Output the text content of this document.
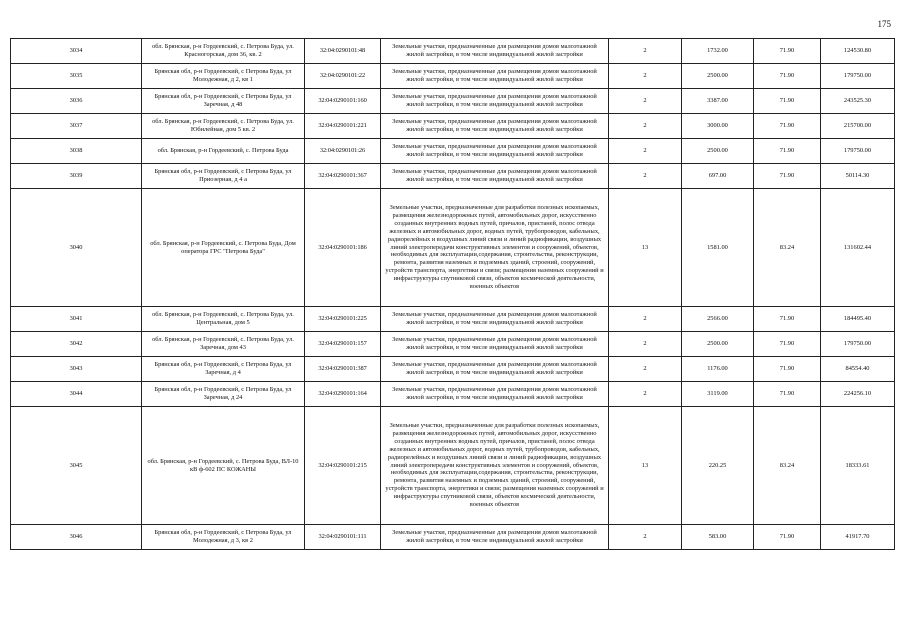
175
3034	обл. Брянская, р-н Гордеевский, с. Петрова Буда, ул. Красногорская, дом 36, кв. 2	32:04:0290101:48	Земельные участки, предназначенные для размещения домов малоэтажной жилой застройки, в том числе индивидуальной жилой застройки	2	1732.00	71.90	124530.80
3035	Брянская обл, р-н Гордеевский, с Петрова Буда, ул Молодежная, д 2, кв 1	32:04:0290101:22	Земельные участки, предназначенные для размещения домов малоэтажной жилой застройки, в том числе индивидуальной жилой застройки	2	2500.00	71.90	179750.00
3036	Брянская обл, р-н Гордеевский, с Петрова Буда, ул Заречная, д 48	32:04:0290101:160	Земельные участки, предназначенные для размещения домов малоэтажной жилой застройки, в том числе индивидуальной жилой застройки	2	3387.00	71.90	243525.30
3037	обл. Брянская, р-н Гордеевский, с. Петрова Буда, ул. Юбилейная, дом 5 кв. 2	32:04:0290101:221	Земельные участки, предназначенные для размещения домов малоэтажной жилой застройки, в том числе индивидуальной жилой застройки	2	3000.00	71.90	215700.00
3038	обл. Брянская, р-н Гордеевский, с. Петрова Буда	32:04:0290101:26	Земельные участки, предназначенные для размещения домов малоэтажной жилой застройки, в том числе индивидуальной жилой застройки	2	2500.00	71.90	179750.00
3039	Брянская обл, р-н Гордеевский, с Петрова Буда, ул Приозерная, д 4 а	32:04:0290101:367	Земельные участки, предназначенные для размещения домов малоэтажной жилой застройки, в том числе индивидуальной жилой застройки	2	697.00	71.90	50114.30
3040	обл. Брянская, р-н Гордеевский, с. Петрова Буда, Дом оператора ГРС "Петрова Буда"	32:04:0290101:186	Земельные участки, предназначенные для разработки полезных ископаемых, размещения железнодорожных путей, автомобильных дорог, искусственно созданных внутренних водных путей, причалов, пристаней, полос отвода железных и автомобильных дорог, водных путей, трубопроводов, кабельных, радиорелейных и воздушных линий связи и линий радиофикации, воздушных линий электропередачи конструктивных элементов и сооружений, объектов, необходимых для эксплуатации,содержания, строительства, реконструкции, ремонта, развития наземных и подземных зданий, строений, сооружений, устройств транспорта, энергетики и связи; размещения наземных сооружений и инфраструктуры спутниковой связи, объектов космической деятельности, военных объектов	13	1581.00	83.24	131602.44
3041	обл. Брянская, р-н Гордеевский, с. Петрова Буда, ул. Центральная, дом 5	32:04:0290101:225	Земельные участки, предназначенные для размещения домов малоэтажной жилой застройки, в том числе индивидуальной жилой застройки	2	2566.00	71.90	184495.40
3042	обл. Брянская, р-н Гордеевский, с. Петрова Буда, ул. Заречная, дом 43	32:04:0290101:157	Земельные участки, предназначенные для размещения домов малоэтажной жилой застройки, в том числе индивидуальной жилой застройки	2	2500.00	71.90	179750.00
3043	Брянская обл, р-н Гордеевский, с Петрова Буда, ул Заречная, д 4	32:04:0290101:387	Земельные участки, предназначенные для размещения домов малоэтажной жилой застройки, в том числе индивидуальной жилой застройки	2	1176.00	71.90	84554.40
3044	Брянская обл, р-н Гордеевский, с Петрова Буда, ул Заречная, д 24	32:04:0290101:164	Земельные участки, предназначенные для размещения домов малоэтажной жилой застройки, в том числе индивидуальной жилой застройки	2	3119.00	71.90	224256.10
3045	обл. Брянская, р-н Гордеевский, с. Петрова Буда, ВЛ-10 кВ ф-602 ПС КОЖАНЫ	32:04:0290101:215	Земельные участки, предназначенные для разработки полезных ископаемых, размещения железнодорожных путей, автомобильных дорог, искусственно созданных внутренних водных путей, причалов, пристаней, полос отвода железных и автомобильных дорог, водных путей, трубопроводов, кабельных, радиорелейных и воздушных линий связи и линий радиофикации, воздушных линий электропередачи конструктивных элементов и сооружений, объектов, необходимых для эксплуатации,содержания, строительства, реконструкции, ремонта, развития наземных и подземных зданий, строений, сооружений, устройств транспорта, энергетики и связи; размещения наземных сооружений и инфраструктуры спутниковой связи, объектов космической деятельности, военных объектов	13	220.25	83.24	18333.61
3046	Брянская обл, р-н Гордеевский, с Петрова Буда, ул Молодежная, д 3, кв 2	32:04:0290101:111	Земельные участки, предназначенные для размещения домов малоэтажной жилой застройки, в том числе индивидуальной жилой застройки	2	583.00	71.90	41917.70
